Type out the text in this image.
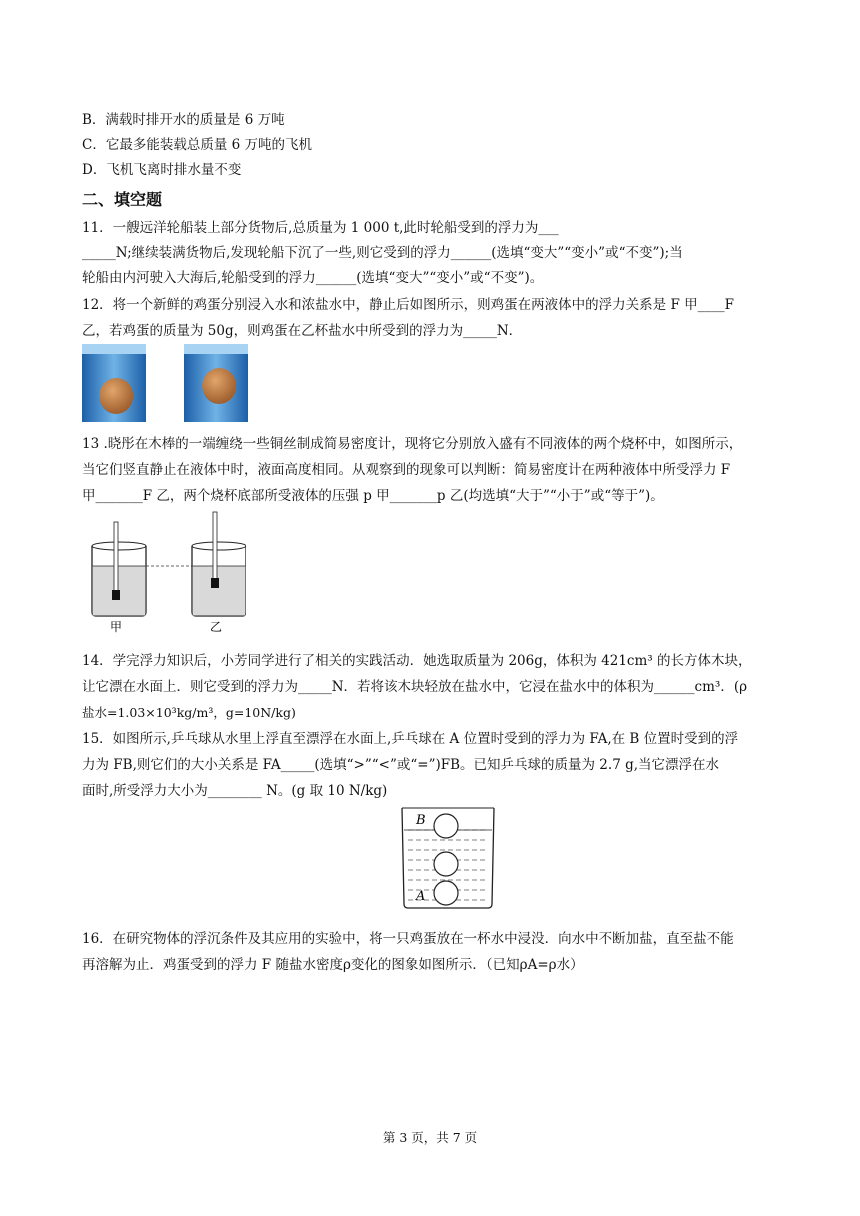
B．满载时排开水的质量是 6 万吨
C．它最多能装载总质量 6 万吨的飞机
D．飞机飞离时排水量不变
二、填空题
11．一艘远洋轮船装上部分货物后,总质量为 1 000 t,此时轮船受到的浮力为___
_____N;继续装满货物后,发现轮船下沉了一些,则它受到的浮力______(选填“变大”“变小”或“不变”);当
轮船由内河驶入大海后,轮船受到的浮力______(选填“变大”“变小”或“不变”)。
12．将一个新鲜的鸡蛋分别浸入水和浓盐水中，静止后如图所示，则鸡蛋在两液体中的浮力关系是 F 甲____F
乙，若鸡蛋的质量为 50g，则鸡蛋在乙杯盐水中所受到的浮力为_____N．
13 .晓彤在木棒的一端缠绕一些铜丝制成简易密度计，现将它分别放入盛有不同液体的两个烧杯中，如图所示，
当它们竖直静止在液体中时，液面高度相同。从观察到的现象可以判断：简易密度计在两种液体中所受浮力 F
甲_______F 乙，两个烧杯底部所受液体的压强 p 甲_______p 乙(均选填“大于”“小于”或“等于”)。
甲	乙
14．学完浮力知识后，小芳同学进行了相关的实践活动．她选取质量为 206g，体积为 421cm³ 的长方体木块，
让它漂在水面上．则它受到的浮力为_____N．若将该木块轻放在盐水中，它浸在盐水中的体积为______cm³．(ρ
盐水=1.03×10³kg/m³，g=10N/kg)
15．如图所示,乒乓球从水里上浮直至漂浮在水面上,乒乓球在 A 位置时受到的浮力为 FA,在 B 位置时受到的浮
力为 FB,则它们的大小关系是 FA_____(选填“>”“<”或“=”)FB。已知乒乓球的质量为 2.7 g,当它漂浮在水
面时,所受浮力大小为________ N。(g 取 10 N/kg)
B
A
16．在研究物体的浮沉条件及其应用的实验中，将一只鸡蛋放在一杯水中浸没．向水中不断加盐，直至盐不能
再溶解为止．鸡蛋受到的浮力 F 随盐水密度ρ变化的图象如图所示．（已知ρA=ρ水）
第 3 页，共 7 页
